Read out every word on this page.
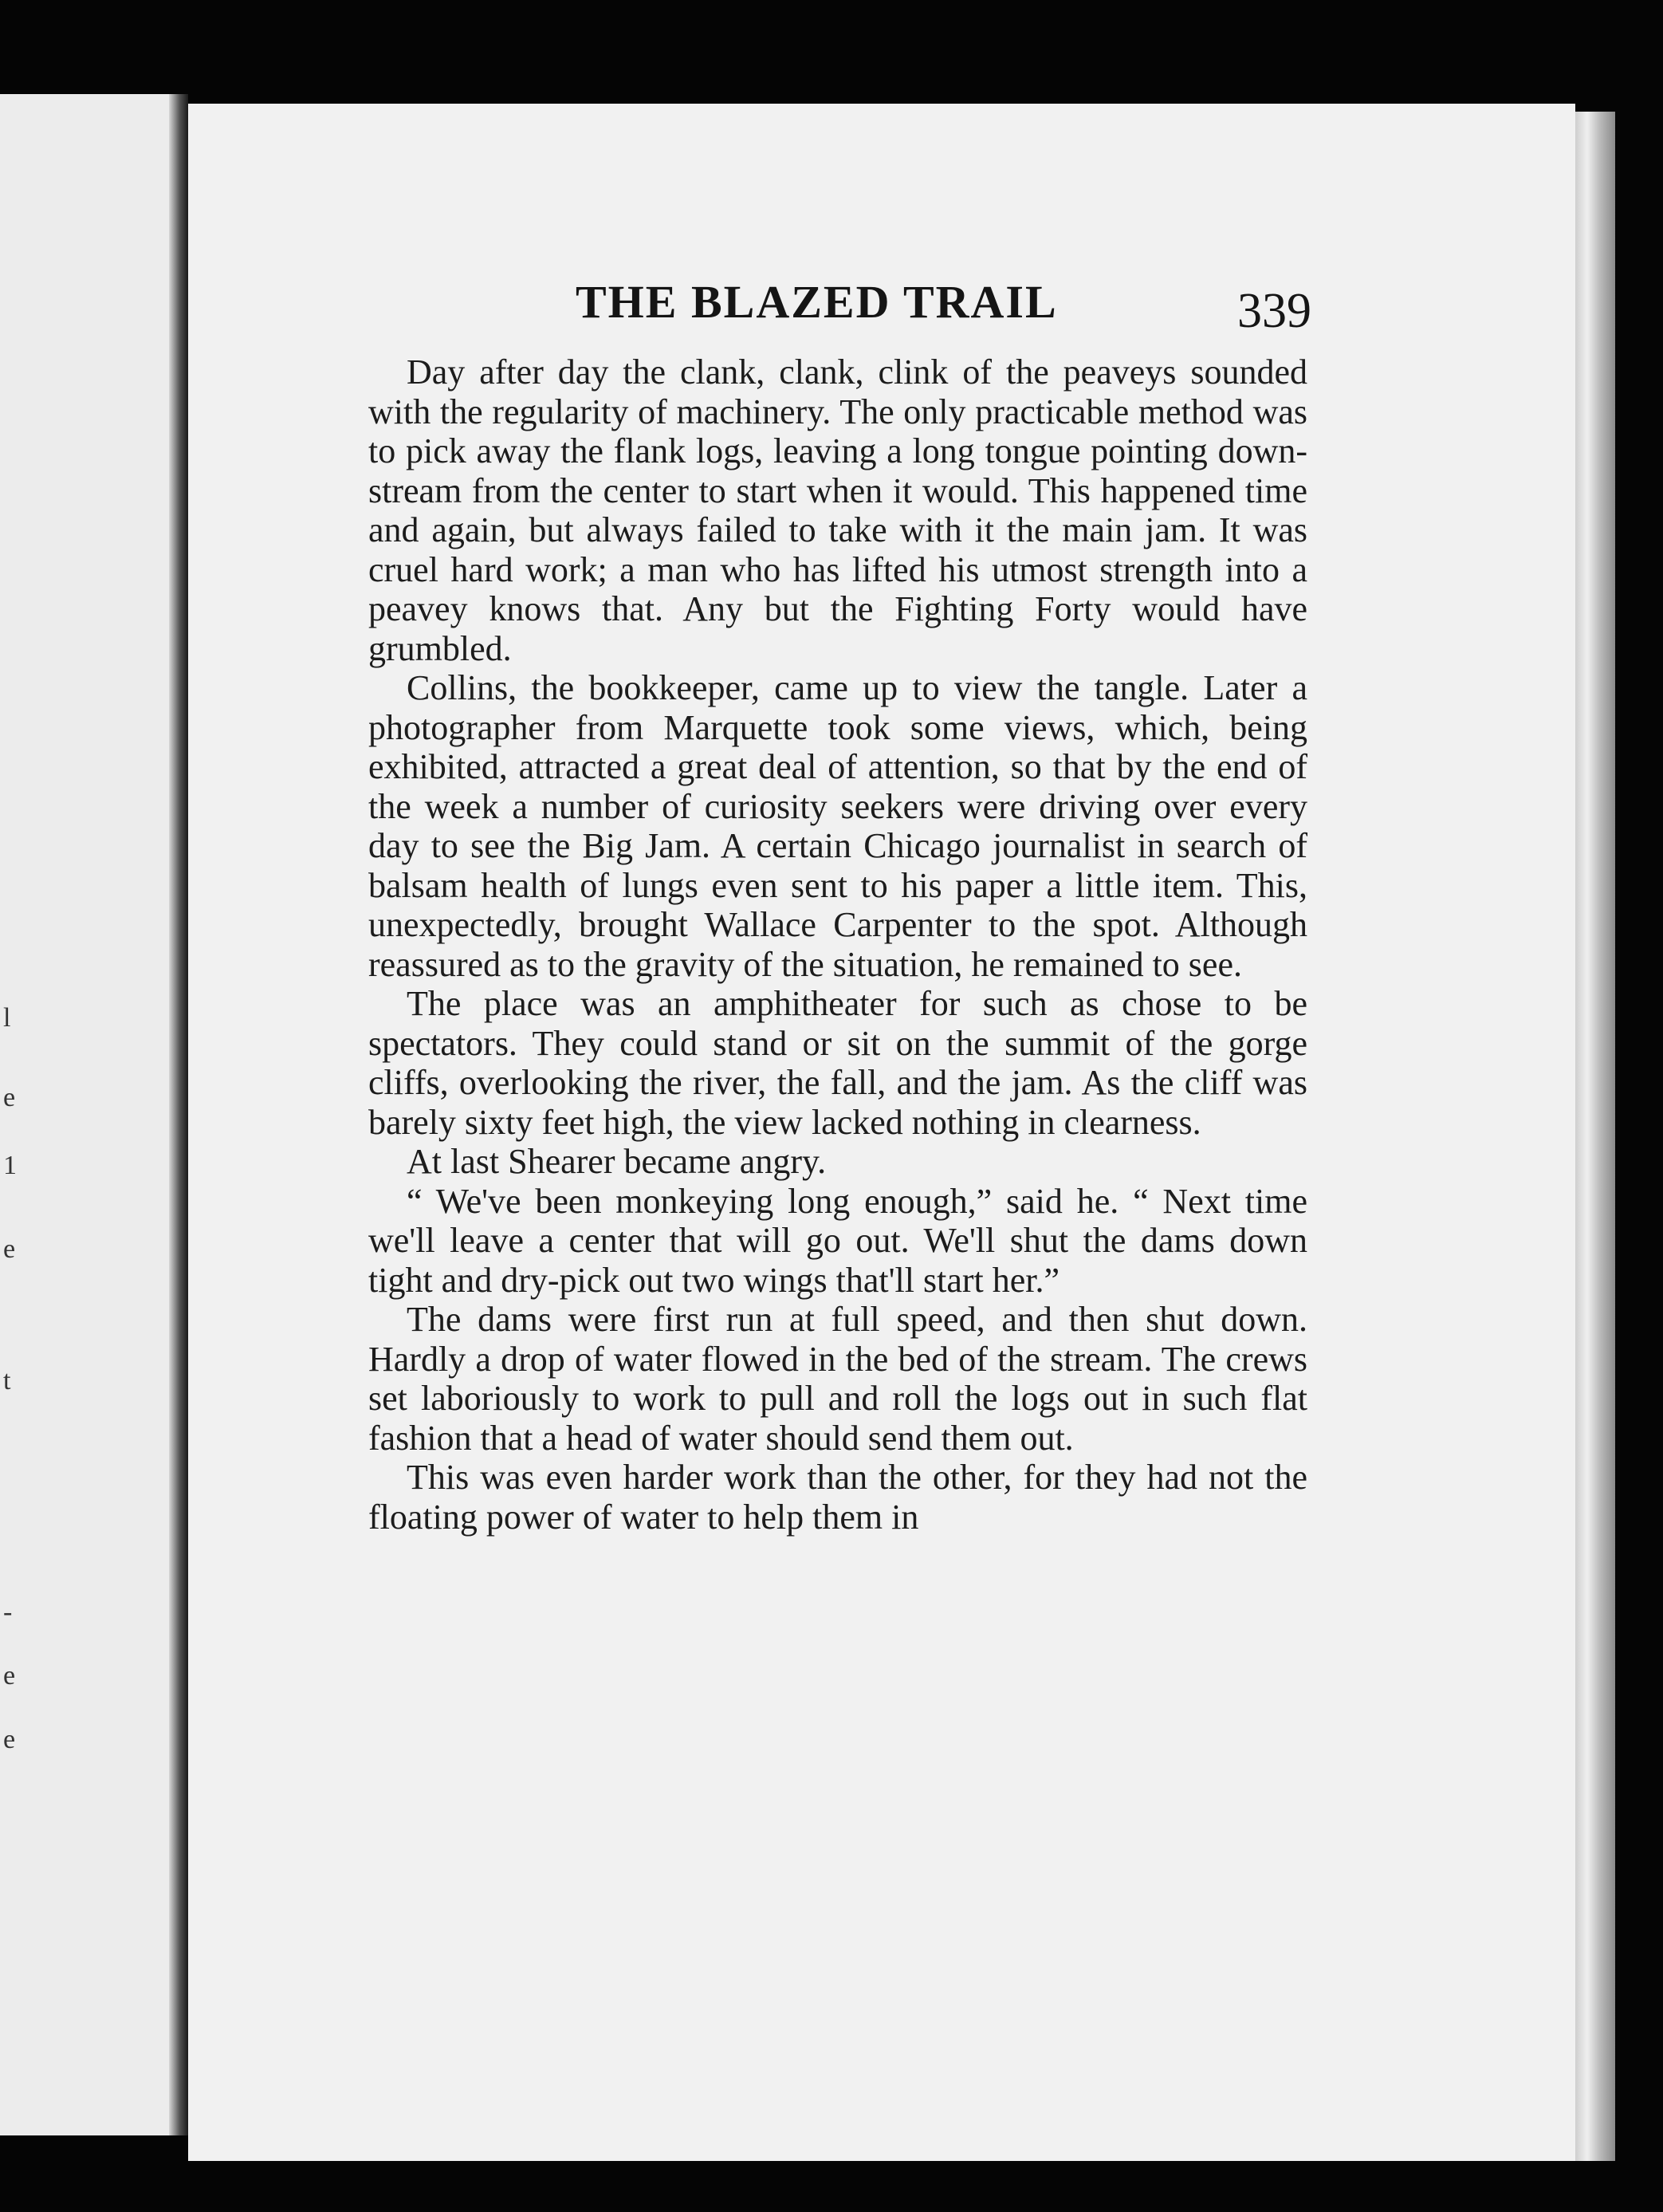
l
e
1
e
t
-
e
e
THE BLAZED TRAIL	339

Day after day the clank, clank, clink of the peaveys sounded with the regularity of machinery. The only practicable method was to pick away the flank logs, leaving a long tongue pointing down-stream from the center to start when it would. This happened time and again, but always failed to take with it the main jam. It was cruel hard work; a man who has lifted his utmost strength into a peavey knows that. Any but the Fighting Forty would have grumbled.

Collins, the bookkeeper, came up to view the tangle. Later a photographer from Marquette took some views, which, being exhibited, attracted a great deal of attention, so that by the end of the week a number of curiosity seekers were driving over every day to see the Big Jam. A certain Chicago journalist in search of balsam health of lungs even sent to his paper a little item. This, unexpectedly, brought Wallace Carpenter to the spot. Although reassured as to the gravity of the situation, he remained to see.

The place was an amphitheater for such as chose to be spectators. They could stand or sit on the summit of the gorge cliffs, overlooking the river, the fall, and the jam. As the cliff was barely sixty feet high, the view lacked nothing in clearness.

At last Shearer became angry.

“ We've been monkeying long enough,” said he. “ Next time we'll leave a center that will go out. We'll shut the dams down tight and dry-pick out two wings that'll start her.”

The dams were first run at full speed, and then shut down. Hardly a drop of water flowed in the bed of the stream. The crews set laboriously to work to pull and roll the logs out in such flat fashion that a head of water should send them out.

This was even harder work than the other, for they had not the floating power of water to help them in
